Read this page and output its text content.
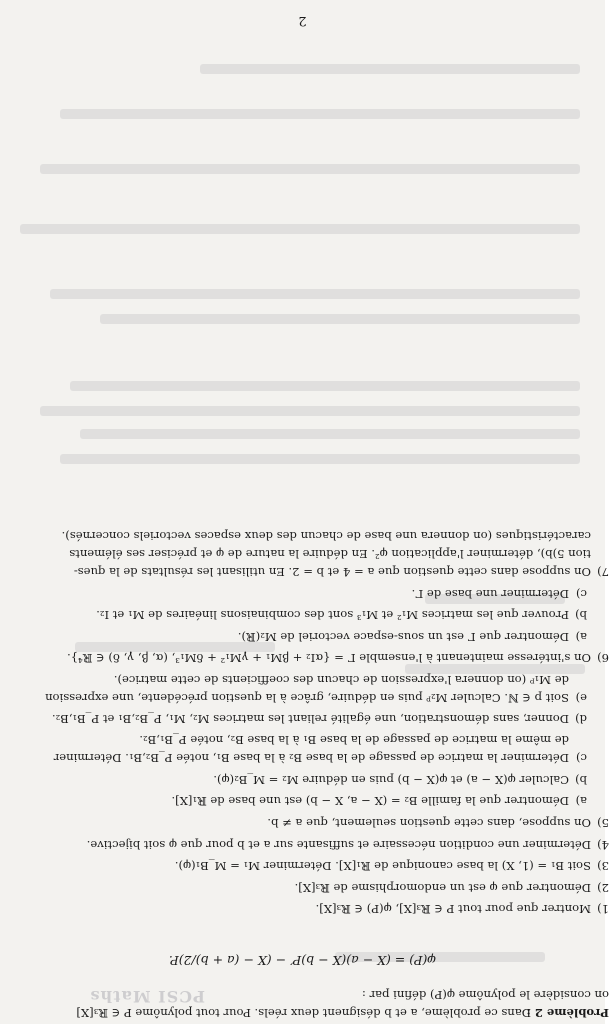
PCSI Maths
Problème 2 :
Dans ce problème, a et b désignent deux réels. Pour tout polynôme P ∈ ℝ₃[X]
on considère le polynôme φ(P) défini par :
φ(P) = (X − a)(X − b)P′ − (X − (a + b)/2)P.
1)
Montrer que pour tout P ∈ ℝ₃[X], φ(P) ∈ ℝ₃[X].
2)
Démontrer que φ est un endomorphisme de ℝ₃[X].
3)
Soit B₁ = (1, X) la base canonique de ℝ₁[X]. Déterminer M₁ = M_B₁(φ).
4)
Déterminer une condition nécessaire et suffisante sur a et b pour que φ soit bijective.
5)
On suppose, dans cette question seulement, que a ≠ b.
a)
Démontrer que la famille B₂ = (X − a, X − b) est une base de ℝ₁[X].
b)
Calculer φ(X − a) et φ(X − b) puis en déduire M₂ = M_B₂(φ).
c)
Déterminer la matrice de passage de la base B₂ à la base B₁, notée P_B₂,B₁. Déterminer
de même la matrice de passage de la base B₁ à la base B₂, notée P_B₁,B₂.
d)
Donner, sans démonstration, une égalité reliant les matrices M₂, M₁, P_B₂,B₁ et P_B₁,B₂.
e)
Soit p ∈ ℕ. Calculer M₂ᵖ puis en déduire, grâce à la question précédente, une expression
de M₁ᵖ (on donnera l'expression de chacun des coefficients de cette matrice).
6)
On s'intéresse maintenant à l'ensemble Γ = {αI₂ + βM₁ + γM₁² + δM₁³, (α, β, γ, δ) ∈ ℝ⁴}.
a)
Démontrer que Γ est un sous-espace vectoriel de M₂(ℝ).
b)
Prouver que les matrices M₁² et M₁³ sont des combinaisons linéaires de M₁ et I₂.
c)
Déterminer une base de Γ.
7)
On suppose dans cette question que a = 4 et b = 2. En utilisant les résultats de la ques-
tion 5)b), déterminer l'application φ². En déduire la nature de φ et préciser ses éléments
caractéristiques (on donnera une base de chacun des deux espaces vectoriels concernés).
2
